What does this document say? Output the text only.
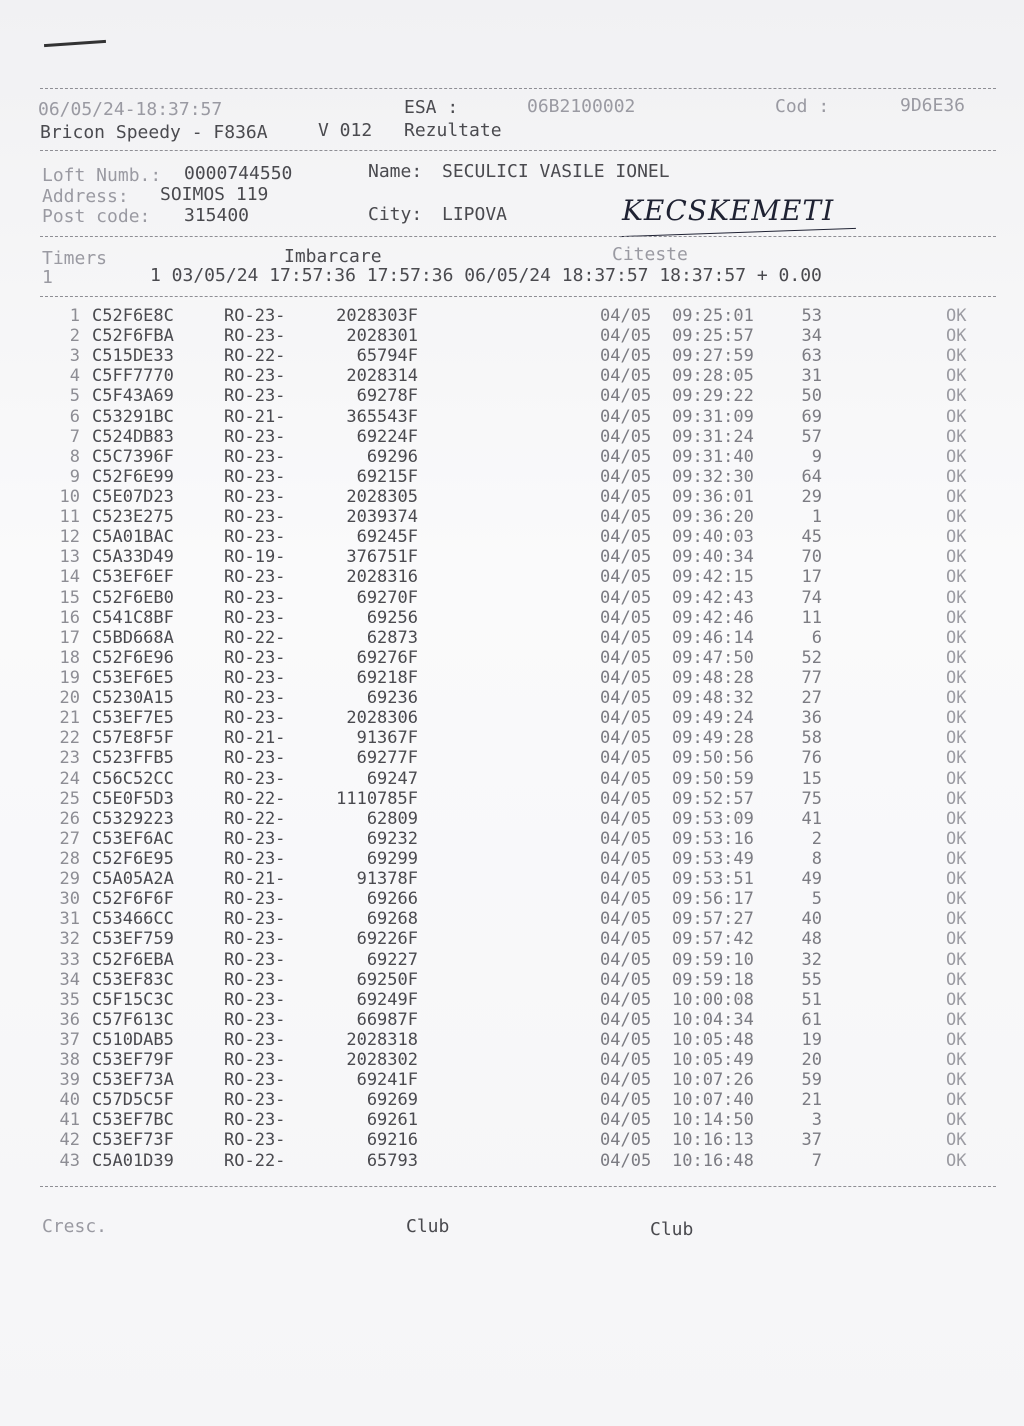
06/05/24-18:37:57	ESA :	06B2100002	Cod :	9D6E36
Bricon Speedy - F836A	V 012 Rezultate
Loft Numb.: 0000744550	Name: SECULICI VASILE IONEL
Address: SOIMOS 119
Post code: 315400	City: LIPOVA	KECSKEMETI
Timers	Imbarcare	Citeste
1	1 03/05/24 17:57:36 17:57:36 06/05/24 18:37:57 18:37:57 + 0.00
1 C52F6E8C	RO-23-	2028303F	04/05 09:25:01	53	OK
2 C52F6FBA	RO-23-	2028301	04/05 09:25:57	34	OK
3 C515DE33	RO-22-	65794F	04/05 09:27:59	63	OK
4 C5FF7770	RO-23-	2028314	04/05 09:28:05	31	OK
5 C5F43A69	RO-23-	69278F	04/05 09:29:22	50	OK
6 C53291BC	RO-21-	365543F	04/05 09:31:09	69	OK
7 C524DB83	RO-23-	69224F	04/05 09:31:24	57	OK
8 C5C7396F	RO-23-	69296	04/05 09:31:40	9	OK
9 C52F6E99	RO-23-	69215F	04/05 09:32:30	64	OK
10 C5E07D23	RO-23-	2028305	04/05 09:36:01	29	OK
11 C523E275	RO-23-	2039374	04/05 09:36:20	1	OK
12 C5A01BAC	RO-23-	69245F	04/05 09:40:03	45	OK
13 C5A33D49	RO-19-	376751F	04/05 09:40:34	70	OK
14 C53EF6EF	RO-23-	2028316	04/05 09:42:15	17	OK
15 C52F6EB0	RO-23-	69270F	04/05 09:42:43	74	OK
16 C541C8BF	RO-23-	69256	04/05 09:42:46	11	OK
17 C5BD668A	RO-22-	62873	04/05 09:46:14	6	OK
18 C52F6E96	RO-23-	69276F	04/05 09:47:50	52	OK
19 C53EF6E5	RO-23-	69218F	04/05 09:48:28	77	OK
20 C5230A15	RO-23-	69236	04/05 09:48:32	27	OK
21 C53EF7E5	RO-23-	2028306	04/05 09:49:24	36	OK
22 C57E8F5F	RO-21-	91367F	04/05 09:49:28	58	OK
23 C523FFB5	RO-23-	69277F	04/05 09:50:56	76	OK
24 C56C52CC	RO-23-	69247	04/05 09:50:59	15	OK
25 C5E0F5D3	RO-22-	1110785F	04/05 09:52:57	75	OK
26 C5329223	RO-22-	62809	04/05 09:53:09	41	OK
27 C53EF6AC	RO-23-	69232	04/05 09:53:16	2	OK
28 C52F6E95	RO-23-	69299	04/05 09:53:49	8	OK
29 C5A05A2A	RO-21-	91378F	04/05 09:53:51	49	OK
30 C52F6F6F	RO-23-	69266	04/05 09:56:17	5	OK
31 C53466CC	RO-23-	69268	04/05 09:57:27	40	OK
32 C53EF759	RO-23-	69226F	04/05 09:57:42	48	OK
33 C52F6EBA	RO-23-	69227	04/05 09:59:10	32	OK
34 C53EF83C	RO-23-	69250F	04/05 09:59:18	55	OK
35 C5F15C3C	RO-23-	69249F	04/05 10:00:08	51	OK
36 C57F613C	RO-23-	66987F	04/05 10:04:34	61	OK
37 C510DAB5	RO-23-	2028318	04/05 10:05:48	19	OK
38 C53EF79F	RO-23-	2028302	04/05 10:05:49	20	OK
39 C53EF73A	RO-23-	69241F	04/05 10:07:26	59	OK
40 C57D5C5F	RO-23-	69269	04/05 10:07:40	21	OK
41 C53EF7BC	RO-23-	69261	04/05 10:14:50	3	OK
42 C53EF73F	RO-23-	69216	04/05 10:16:13	37	OK
43 C5A01D39	RO-22-	65793	04/05 10:16:48	7	OK
Cresc.	Club	Club
